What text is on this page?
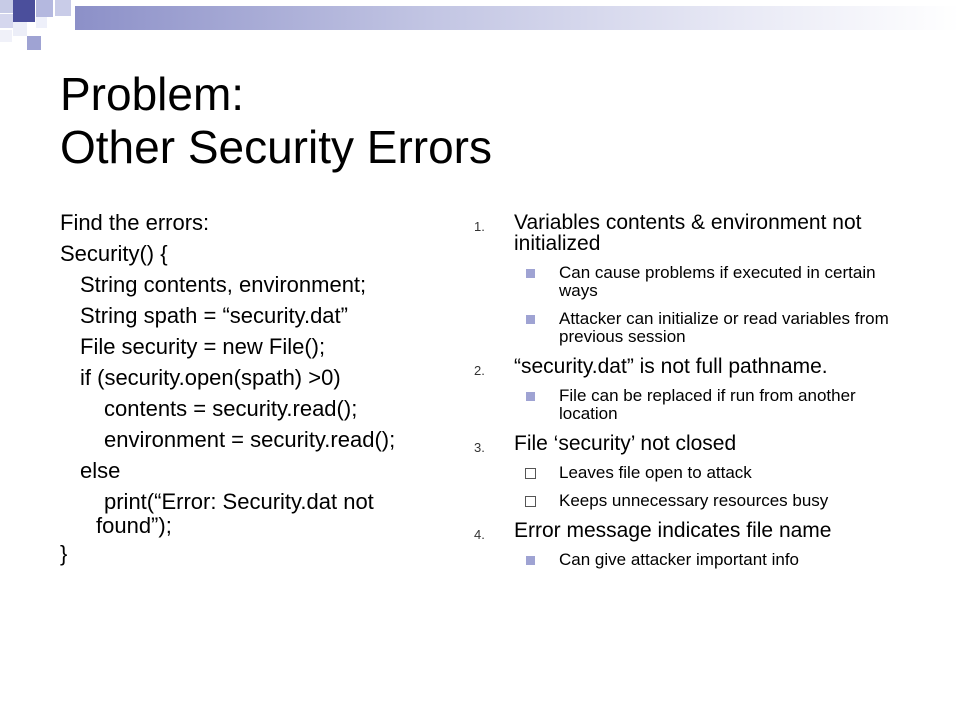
Problem:
Other Security Errors
Find the errors:
Security() {
String contents, environment;
String spath = “security.dat”
File security = new File();
if (security.open(spath) >0)
contents = security.read();
environment = security.read();
else
print(“Error: Security.dat not
found”);
}
1. Variables contents & environment not initialized
Can cause problems if executed in certain ways
Attacker can initialize or read variables from previous session
2. “security.dat” is not full pathname.
File can be replaced if run from another location
3. File ‘security’ not closed
Leaves file open to attack
Keeps unnecessary resources busy
4. Error message indicates file name
Can give attacker important info
